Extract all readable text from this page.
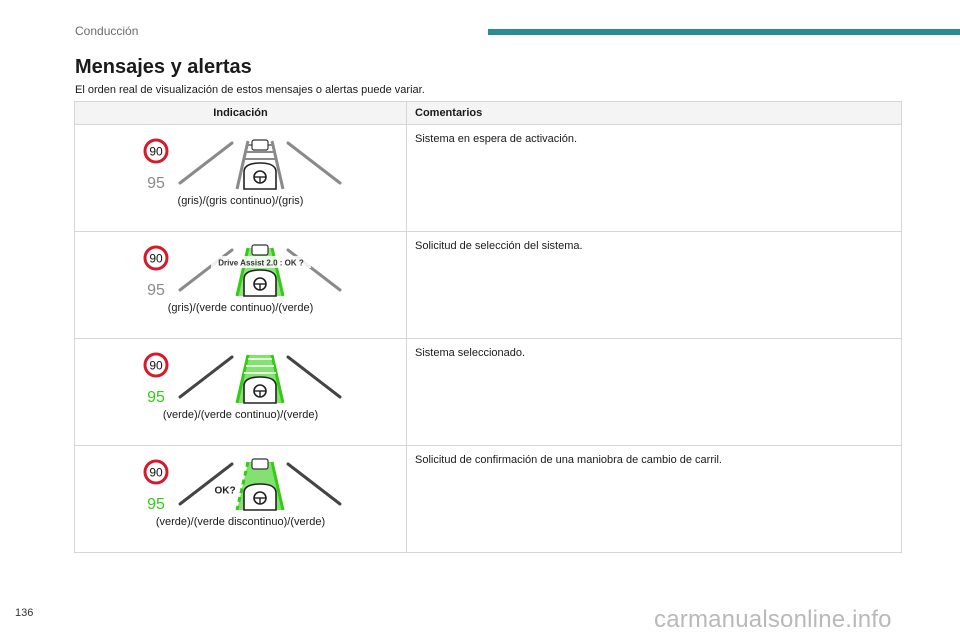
Conducción
Mensajes y alertas

El orden real de visualización de estos mensajes o alertas puede variar.

Indicación	Comentarios

90
95
(gris)/(gris continuo)/(gris)	Sistema en espera de activación.

90
95
Drive Assist 2.0 : OK ?
(gris)/(verde continuo)/(verde)	Solicitud de selección del sistema.

90
95
(verde)/(verde continuo)/(verde)	Sistema seleccionado.

90
95
OK?
(verde)/(verde discontinuo)/(verde)	Solicitud de confirmación de una maniobra de cambio de carril.
136	carmanualsonline.info
